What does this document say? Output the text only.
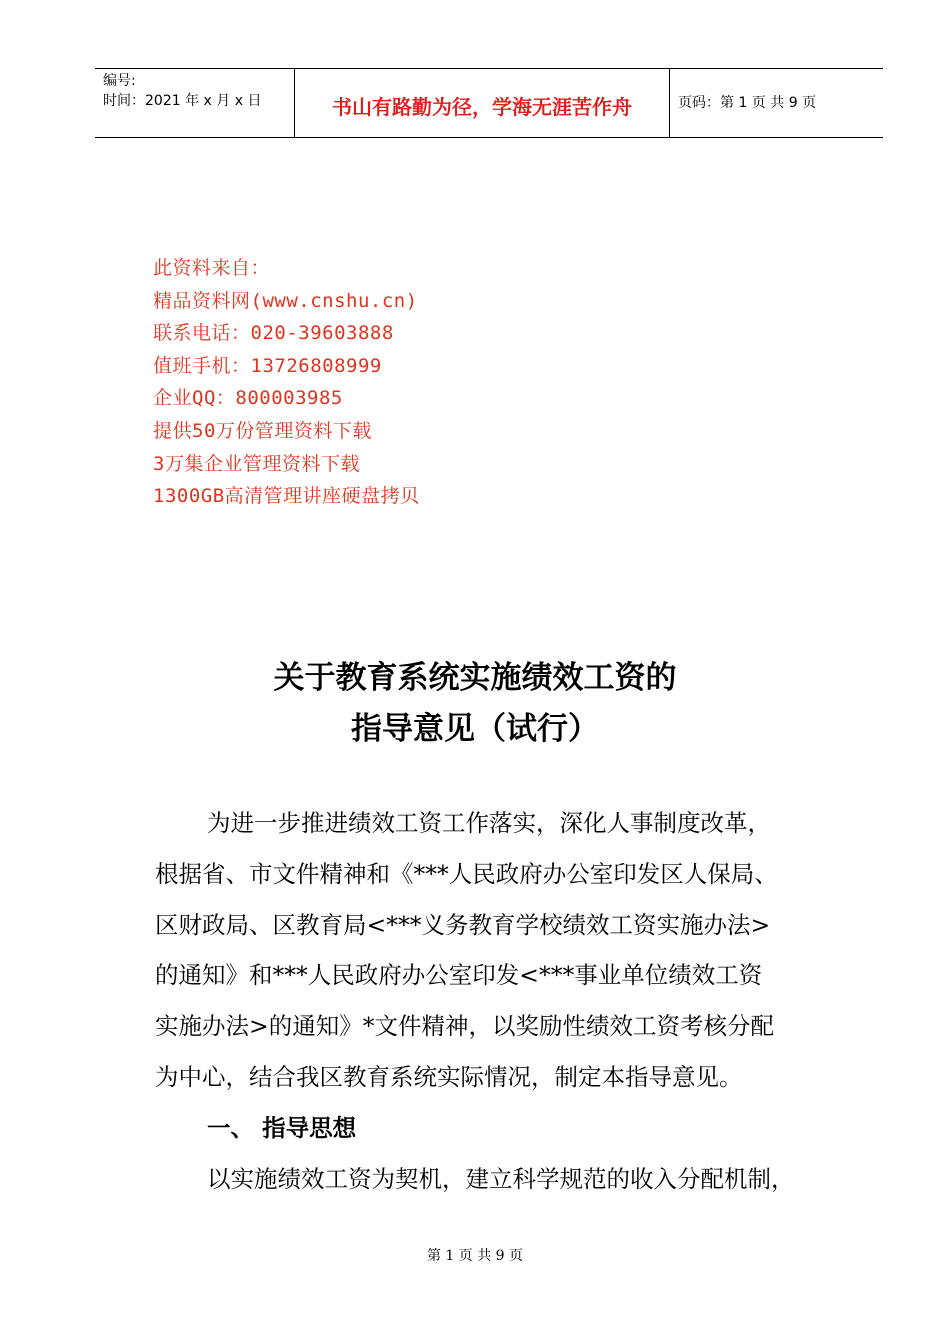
编号:
时间：2021 年 x 月 x 日	书山有路勤为径，学海无涯苦作舟	页码：第 1 页 共 9 页
此资料来自：
精品资料网(www.cnshu.cn)
联系电话：020-39603888
值班手机：13726808999
企业QQ：800003985
提供50万份管理资料下载
3万集企业管理资料下载
1300GB高清管理讲座硬盘拷贝
关于教育系统实施绩效工资的
指导意见（试行）
为进一步推进绩效工资工作落实，深化人事制度改革，
根据省、市文件精神和《***人民政府办公室印发区人保局、
区财政局、区教育局<***义务教育学校绩效工资实施办法>
的通知》和***人民政府办公室印发<***事业单位绩效工资
实施办法>的通知》*文件精神，以奖励性绩效工资考核分配
为中心，结合我区教育系统实际情况，制定本指导意见。
一、 指导思想
以实施绩效工资为契机，建立科学规范的收入分配机制，
第 1 页 共 9 页
